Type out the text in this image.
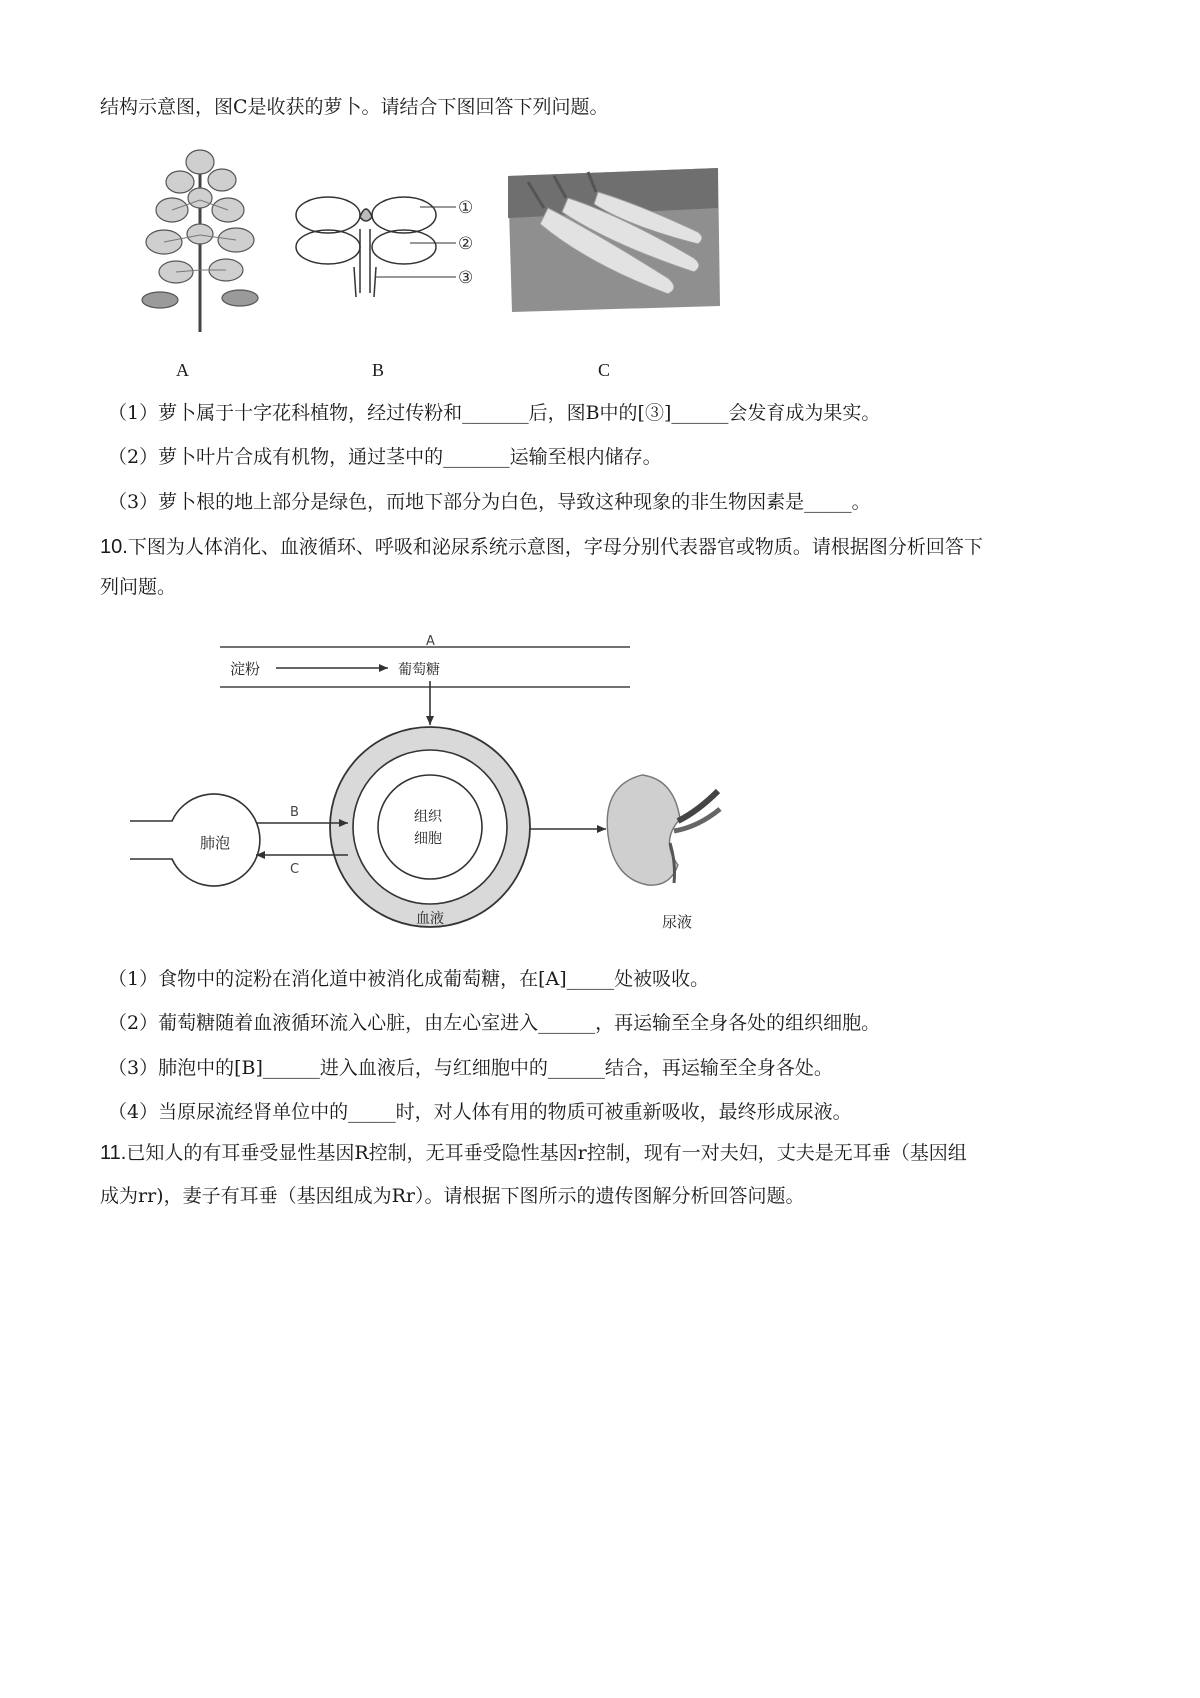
结构示意图，图C是收获的萝卜。请结合下图回答下列问题。
①
②
③
A	B	C
（1）萝卜属于十字花科植物，经过传粉和_______后，图B中的[③]______会发育成为果实。
（2）萝卜叶片合成有机物，通过茎中的_______运输至根内储存。
（3）萝卜根的地上部分是绿色，而地下部分为白色，导致这种现象的非生物因素是_____。
10.下图为人体消化、血液循环、呼吸和泌尿系统示意图，字母分别代表器官或物质。请根据图分析回答下
列问题。
A
淀粉	葡萄糖
组织
细胞
血液
肺泡
B
C
尿液
（1）食物中的淀粉在消化道中被消化成葡萄糖，在[A]_____处被吸收。
（2）葡萄糖随着血液循环流入心脏，由左心室进入______，再运输至全身各处的组织细胞。
（3）肺泡中的[B]______进入血液后，与红细胞中的______结合，再运输至全身各处。
（4）当原尿流经肾单位中的_____时，对人体有用的物质可被重新吸收，最终形成尿液。
11.已知人的有耳垂受显性基因R控制，无耳垂受隐性基因r控制，现有一对夫妇，丈夫是无耳垂（基因组
成为rr)，妻子有耳垂（基因组成为Rr）。请根据下图所示的遗传图解分析回答问题。
